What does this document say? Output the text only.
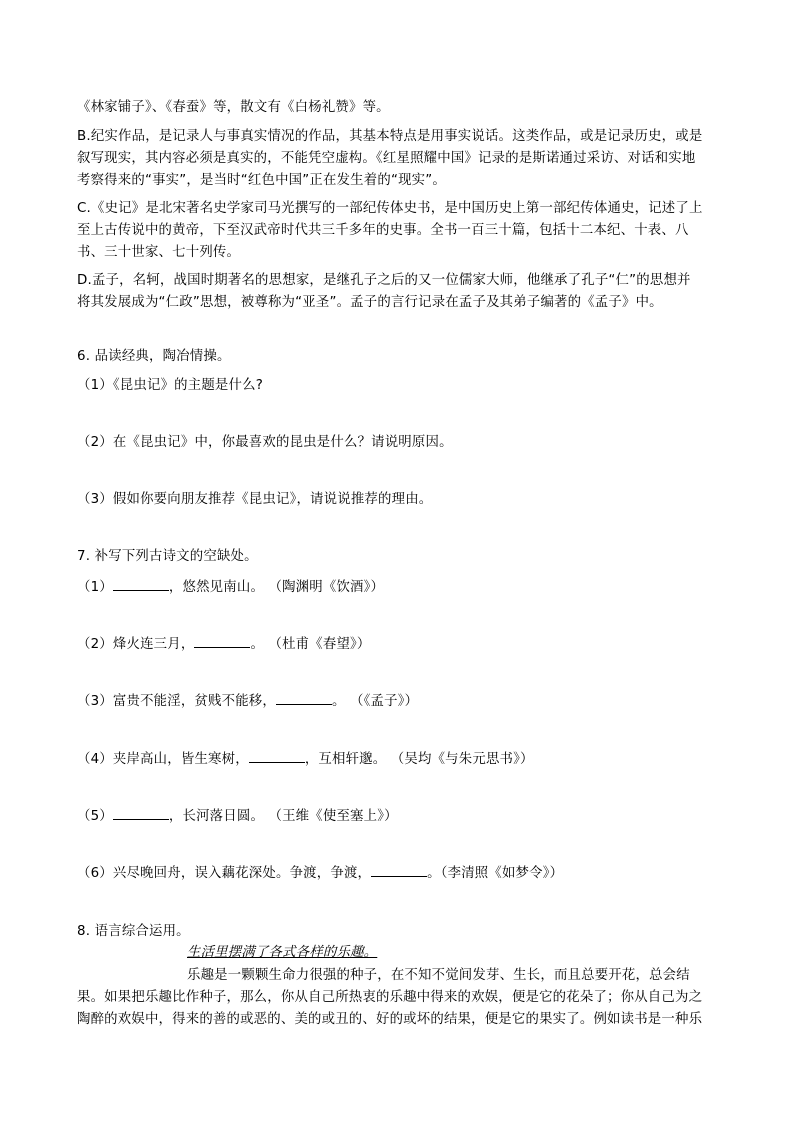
《林家铺子》、《春蚕》等，散文有《白杨礼赞》等。
B.纪实作品，是记录人与事真实情况的作品，其基本特点是用事实说话。这类作品，或是记录历史，或是
叙写现实，其内容必须是真实的，不能凭空虚构。《红星照耀中国》记录的是斯诺通过采访、对话和实地
考察得来的“事实”，是当时“红色中国”正在发生着的“现实”。
C.《史记》是北宋著名史学家司马光撰写的一部纪传体史书，是中国历史上第一部纪传体通史，记述了上
至上古传说中的黄帝，下至汉武帝时代共三千多年的史事。全书一百三十篇，包括十二本纪、十表、八
书、三十世家、七十列传。
D.孟子，名轲，战国时期著名的思想家，是继孔子之后的又一位儒家大师，他继承了孔子“仁”的思想并
将其发展成为“仁政”思想，被尊称为“亚圣”。孟子的言行记录在孟子及其弟子编著的《孟子》中。
6. 品读经典，陶冶情操。
（1）《昆虫记》的主题是什么?
（2）在《昆虫记》中，你最喜欢的昆虫是什么？请说明原因。
（3）假如你要向朋友推荐《昆虫记》，请说说推荐的理由。
7. 补写下列古诗文的空缺处。
（1）	，悠然见南山。 （陶渊明《饮酒》）
（2）烽火连三月，	。 （杜甫《春望》）
（3）富贵不能淫，贫贱不能移，	。 （《孟子》）
（4）夹岸高山，皆生寒树，	，互相轩邈。 （吴均《与朱元思书》）
（5）	，长河落日圆。 （王维《使至塞上》）
（6）兴尽晚回舟，误入藕花深处。争渡，争渡，	。（李清照《如梦令》）
8. 语言综合运用。
生活里摆满了各式各样的乐趣。
乐趣是一颗颗生命力很强的种子，在不知不觉间发芽、生长，而且总要开花，总会结
果。如果把乐趣比作种子，那么，你从自己所热衷的乐趣中得来的欢娱，便是它的花朵了；你从自己为之
陶醉的欢娱中，得来的善的或恶的、美的或丑的、好的或坏的结果，便是它的果实了。例如读书是一种乐
